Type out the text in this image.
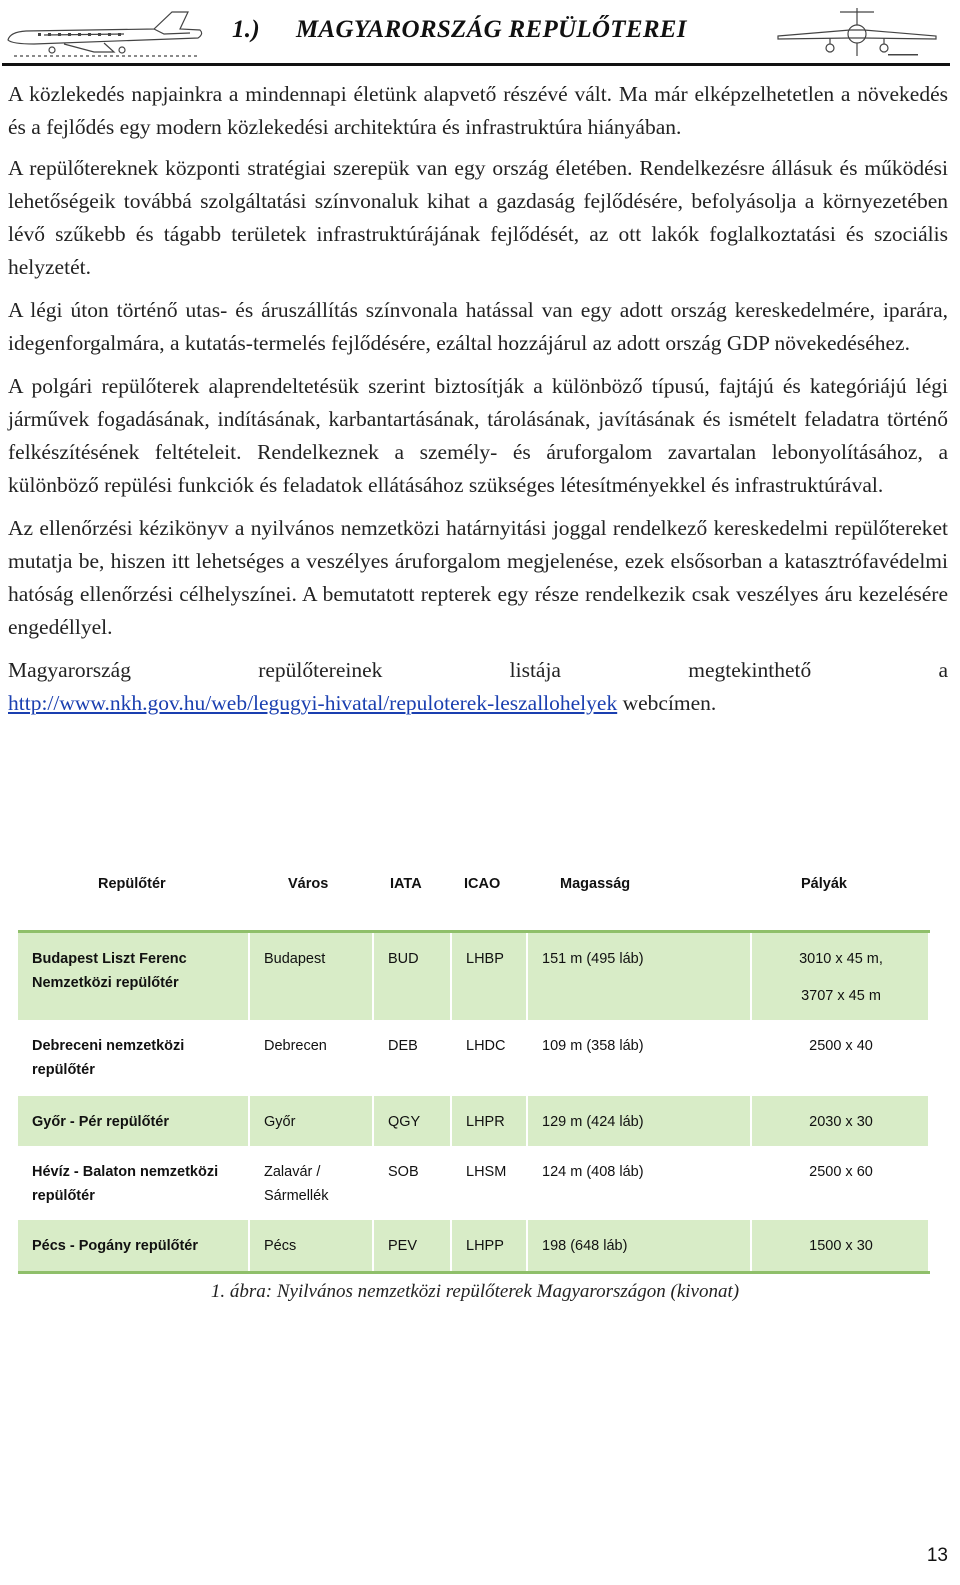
1.) MAGYARORSZÁG REPÜLŐTEREI

A közlekedés napjainkra a mindennapi életünk alapvető részévé vált. Ma már elképzelhetetlen a növekedés és a fejlődés egy modern közlekedési architektúra és infrastruktúra hiányában.

A repülőtereknek központi stratégiai szerepük van egy ország életében. Rendelkezésre állásuk és működési lehetőségeik továbbá szolgáltatási színvonaluk kihat a gazdaság fejlődésére, befolyásolja a környezetében lévő szűkebb és tágabb területek infrastruktúrájának fejlődését, az ott lakók foglalkoztatási és szociális helyzetét.

A légi úton történő utas- és áruszállítás színvonala hatással van egy adott ország kereskedelmére, iparára, idegenforgalmára, a kutatás-termelés fejlődésére, ezáltal hozzájárul az adott ország GDP növekedéséhez.

A polgári repülőterek alaprendeltetésük szerint biztosítják a különböző típusú, fajtájú és kategóriájú légi járművek fogadásának, indításának, karbantartásának, tárolásának, javításának és ismételt feladatra történő felkészítésének feltételeit. Rendelkeznek a személy- és áruforgalom zavartalan lebonyolításához, a különböző repülési funkciók és feladatok ellátásához szükséges létesítményekkel és infrastruktúrával.

Az ellenőrzési kézikönyv a nyilvános nemzetközi határnyitási joggal rendelkező kereskedelmi repülőtereket mutatja be, hiszen itt lehetséges a veszélyes áruforgalom megjelenése, ezek elsősorban a katasztrófavédelmi hatóság ellenőrzési célhelyszínei. A bemutatott repterek egy része rendelkezik csak veszélyes áru kezelésére engedéllyel.

Magyarország	repülőtereinek	listája	megtekinthető	a
http://www.nkh.gov.hu/web/legugyi-hivatal/repuloterek-leszallohelyek webcímen.
Repülőtér	Város	IATA	ICAO	Magasság	Pályák
Budapest Liszt Ferenc
Nemzetközi repülőtér	Budapest	BUD	LHBP	151 m (495 láb)	3010 x 45 m,
3707 x 45 m

Debreceni nemzetközi
repülőtér	Debrecen	DEB	LHDC	109 m (358 láb)	2500 x 40
Győr - Pér repülőtér	Győr	QGY	LHPR	129 m (424 láb)	2030 x 30
Hévíz - Balaton nemzetközi
repülőtér	Zalavár /
Sármellék	SOB	LHSM	124 m (408 láb)	2500 x 60
Pécs - Pogány repülőtér	Pécs	PEV	LHPP	198 (648 láb)	1500 x 30
1. ábra: Nyilvános nemzetközi repülőterek Magyarországon (kivonat)
13
